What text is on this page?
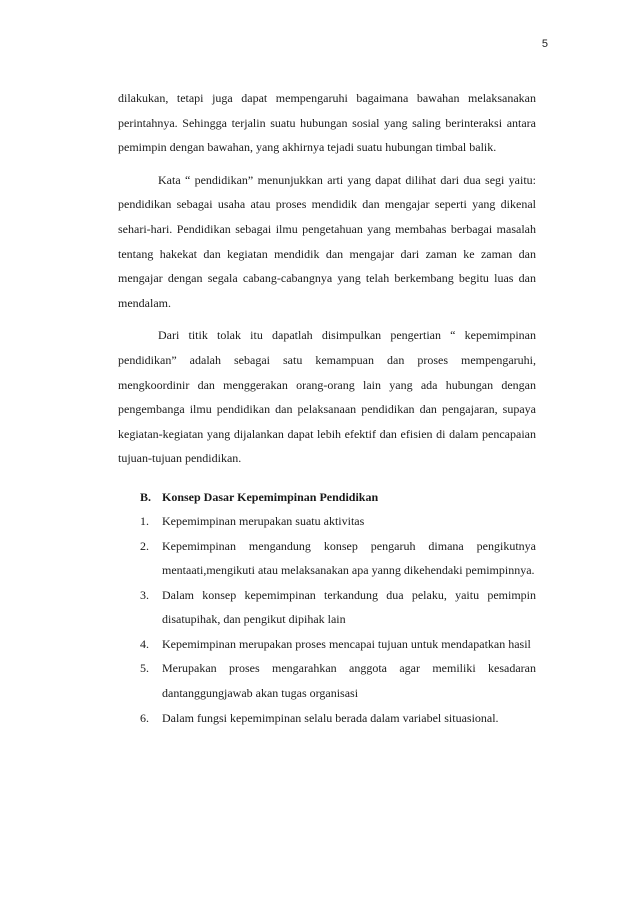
5

dilakukan, tetapi juga dapat mempengaruhi bagaimana bawahan melaksanakan perintahnya. Sehingga terjalin suatu hubungan sosial yang saling berinteraksi antara pemimpin dengan bawahan, yang akhirnya tejadi suatu hubungan timbal balik.

Kata “ pendidikan” menunjukkan arti yang dapat dilihat dari dua segi yaitu: pendidikan sebagai usaha atau proses mendidik dan mengajar seperti yang dikenal sehari-hari. Pendidikan sebagai ilmu pengetahuan yang membahas berbagai masalah tentang hakekat dan kegiatan mendidik dan mengajar dari zaman ke zaman dan mengajar dengan segala cabang-cabangnya yang telah berkembang begitu luas dan mendalam.

Dari titik tolak itu dapatlah disimpulkan pengertian “ kepemimpinan pendidikan” adalah sebagai satu kemampuan dan proses mempengaruhi, mengkoordinir dan menggerakan orang-orang lain yang ada hubungan dengan pengembanga ilmu pendidikan dan pelaksanaan pendidikan dan pengajaran, supaya kegiatan-kegiatan yang dijalankan dapat lebih efektif dan efisien di dalam pencapaian tujuan-tujuan pendidikan.

B. Konsep Dasar Kepemimpinan Pendidikan
1.	Kepemimpinan merupakan suatu aktivitas
2.	Kepemimpinan mengandung konsep pengaruh dimana pengikutnya mentaati,mengikuti atau melaksanakan apa yanng dikehendaki pemimpinnya.
3.	Dalam konsep kepemimpinan terkandung dua pelaku, yaitu pemimpin disatupihak, dan pengikut dipihak lain
4.	Kepemimpinan merupakan proses mencapai tujuan untuk mendapatkan hasil
5.	Merupakan proses mengarahkan anggota agar memiliki kesadaran dantanggungjawab akan tugas organisasi
6.	Dalam fungsi kepemimpinan selalu berada dalam variabel situasional.
